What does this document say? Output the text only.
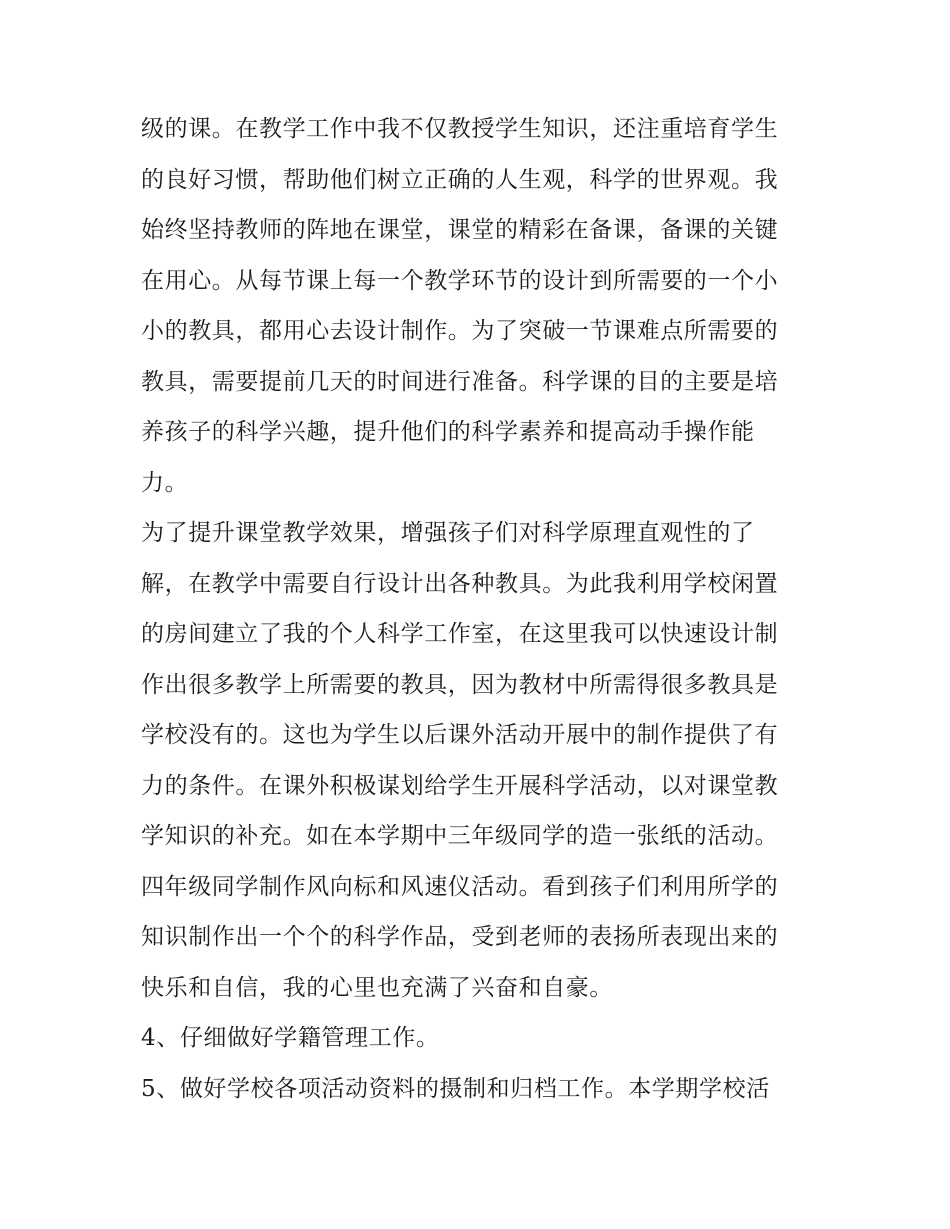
级的课。在教学工作中我不仅教授学生知识，还注重培育学生
的良好习惯，帮助他们树立正确的人生观，科学的世界观。我
始终坚持教师的阵地在课堂，课堂的精彩在备课，备课的关键
在用心。从每节课上每一个教学环节的设计到所需要的一个小
小的教具，都用心去设计制作。为了突破一节课难点所需要的
教具，需要提前几天的时间进行准备。科学课的目的主要是培
养孩子的科学兴趣，提升他们的科学素养和提高动手操作能
力。
为了提升课堂教学效果，增强孩子们对科学原理直观性的了
解，在教学中需要自行设计出各种教具。为此我利用学校闲置
的房间建立了我的个人科学工作室，在这里我可以快速设计制
作出很多教学上所需要的教具，因为教材中所需得很多教具是
学校没有的。这也为学生以后课外活动开展中的制作提供了有
力的条件。在课外积极谋划给学生开展科学活动，以对课堂教
学知识的补充。如在本学期中三年级同学的造一张纸的活动。
四年级同学制作风向标和风速仪活动。看到孩子们利用所学的
知识制作出一个个的科学作品，受到老师的表扬所表现出来的
快乐和自信，我的心里也充满了兴奋和自豪。
4、仔细做好学籍管理工作。
5、做好学校各项活动资料的摄制和归档工作。本学期学校活
